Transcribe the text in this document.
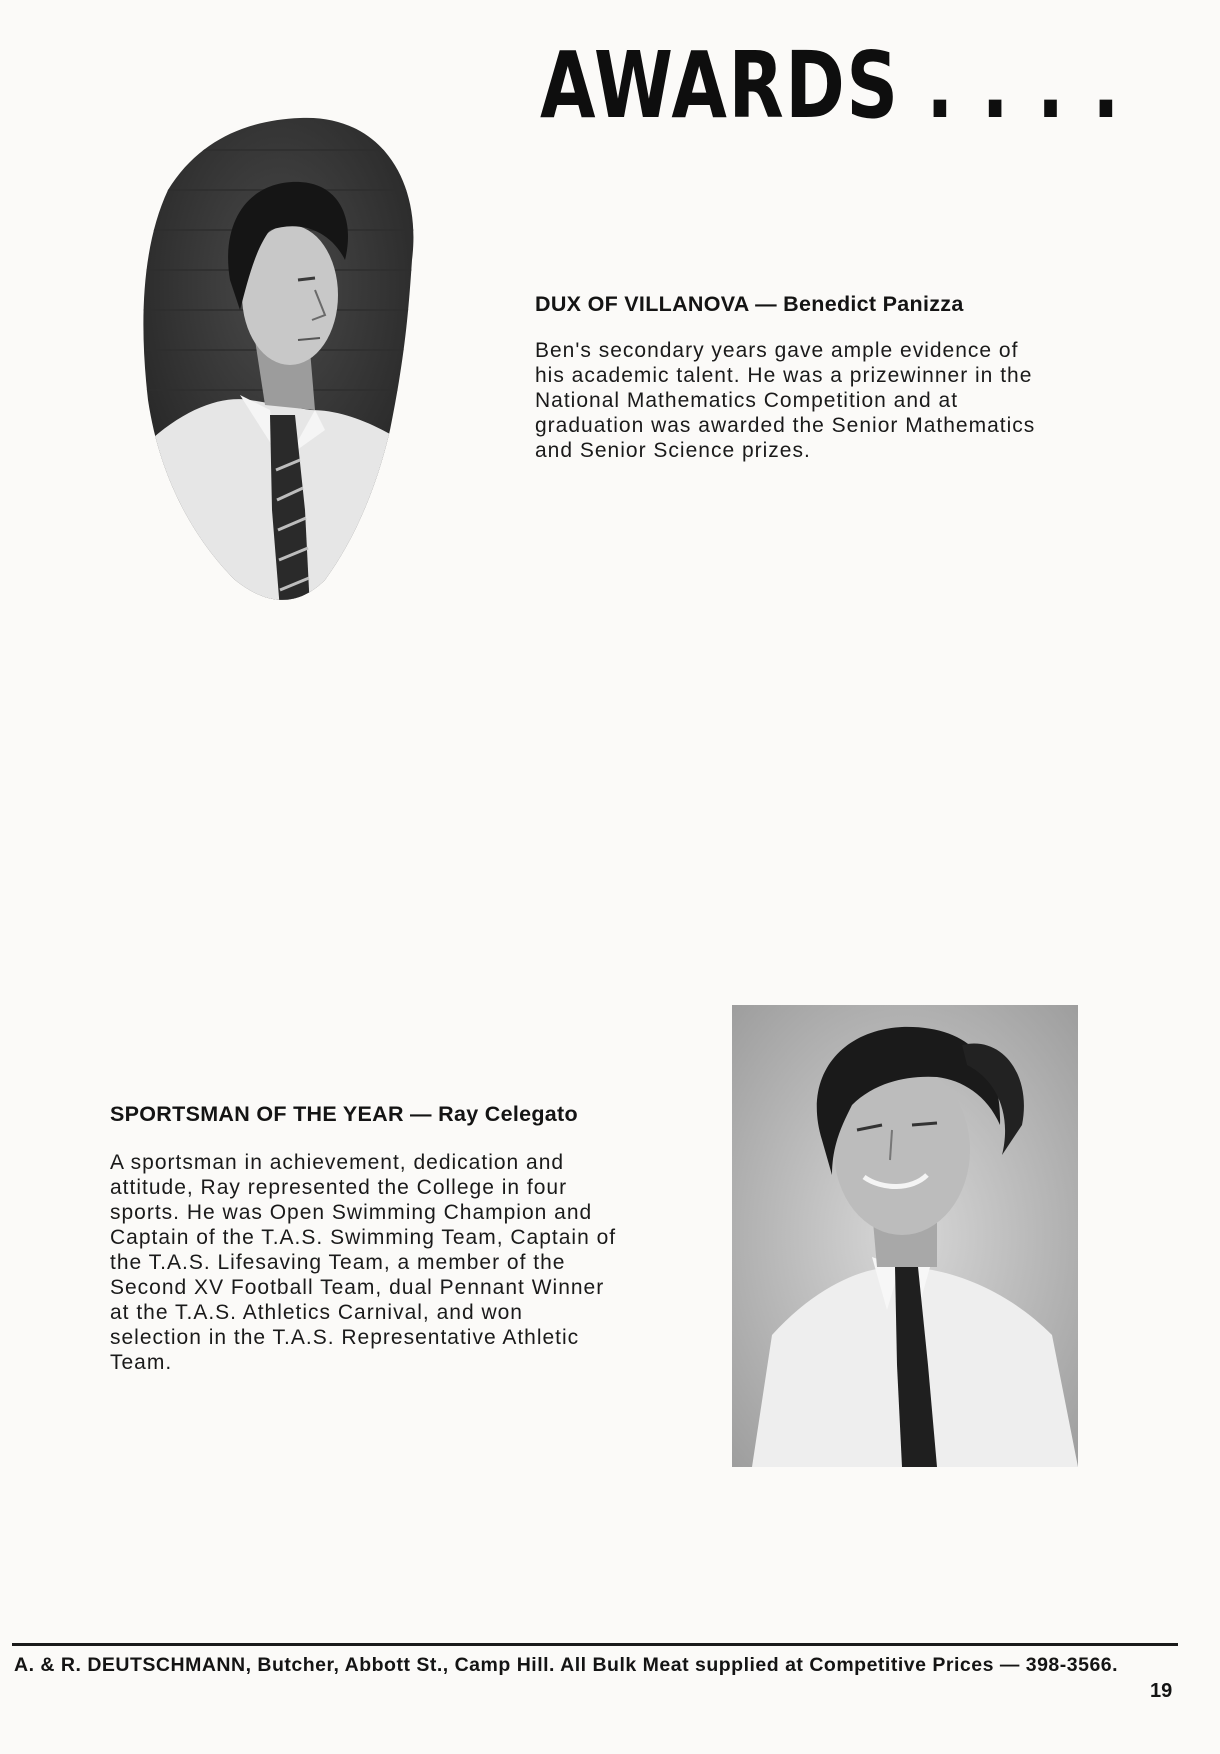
AWARDS . . . .
DUX OF VILLANOVA — Benedict Panizza
Ben's secondary years gave ample evidence of
his academic talent. He was a prizewinner in the
National Mathematics Competition and at
graduation was awarded the Senior Mathematics
and Senior Science prizes.
SPORTSMAN OF THE YEAR — Ray Celegato
A sportsman in achievement, dedication and
attitude, Ray represented the College in four
sports. He was Open Swimming Champion and
Captain of the T.A.S. Swimming Team, Captain of
the T.A.S. Lifesaving Team, a member of the
Second XV Football Team, dual Pennant Winner
at the T.A.S. Athletics Carnival, and won
selection in the T.A.S. Representative Athletic
Team.
A. & R. DEUTSCHMANN, Butcher, Abbott St., Camp Hill. All Bulk Meat supplied at Competitive Prices — 398-3566.
19
